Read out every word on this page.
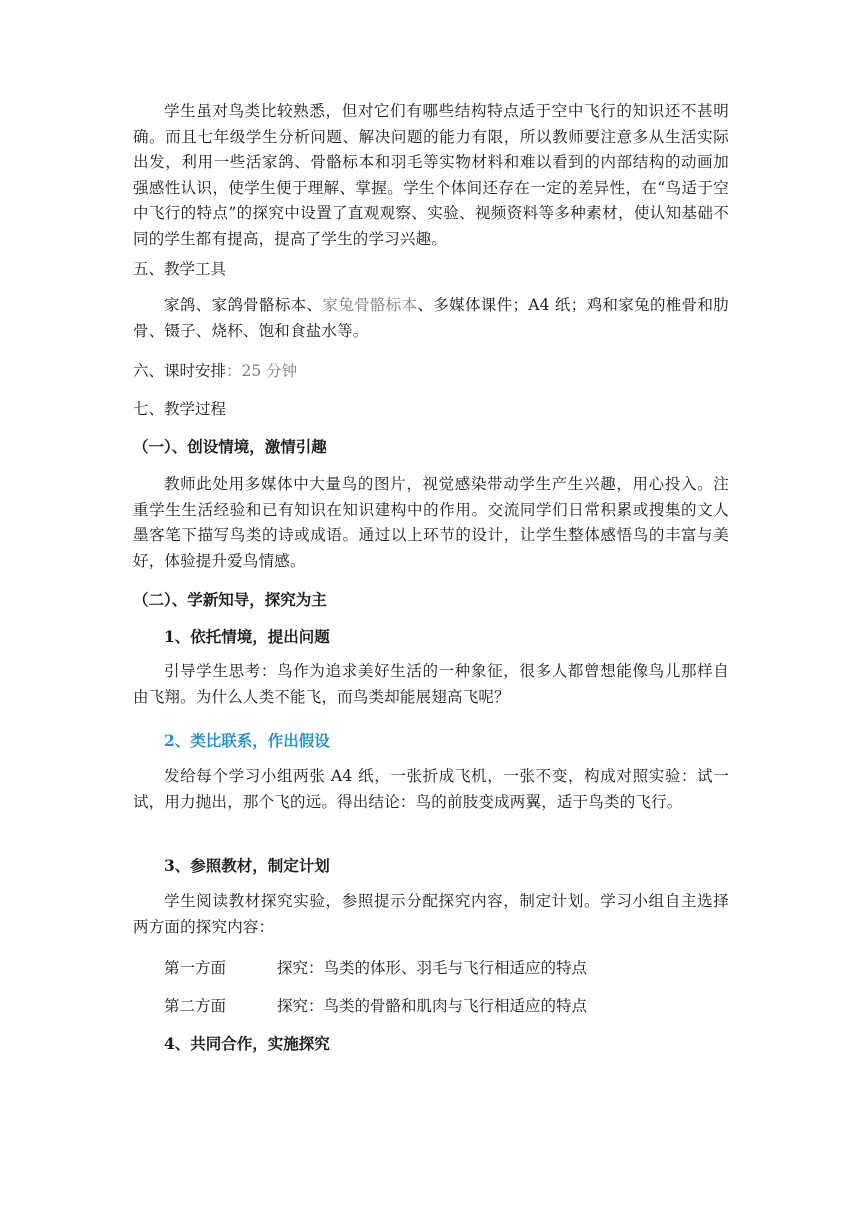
学生虽对鸟类比较熟悉，但对它们有哪些结构特点适于空中飞行的知识还不甚明确。而且七年级学生分析问题、解决问题的能力有限，所以教师要注意多从生活实际出发，利用一些活家鸽、骨骼标本和羽毛等实物材料和难以看到的内部结构的动画加强感性认识，使学生便于理解、掌握。学生个体间还存在一定的差异性，在“鸟适于空中飞行的特点”的探究中设置了直观观察、实验、视频资料等多种素材，使认知基础不同的学生都有提高，提高了学生的学习兴趣。

五、教学工具

家鸽、家鸽骨骼标本、家兔骨骼标本、多媒体课件；A4 纸；鸡和家兔的椎骨和肋骨、镊子、烧杯、饱和食盐水等。

六、课时安排：25 分钟

七、教学过程

（一）、创设情境，激情引趣

教师此处用多媒体中大量鸟的图片，视觉感染带动学生产生兴趣，用心投入。注重学生生活经验和已有知识在知识建构中的作用。交流同学们日常积累或搜集的文人墨客笔下描写鸟类的诗或成语。通过以上环节的设计，让学生整体感悟鸟的丰富与美好，体验提升爱鸟情感。

（二）、学新知导，探究为主

1、依托情境，提出问题

引导学生思考：鸟作为追求美好生活的一种象征，很多人都曾想能像鸟儿那样自由飞翔。为什么人类不能飞，而鸟类却能展翅高飞呢？

2、类比联系，作出假设

发给每个学习小组两张 A4 纸，一张折成飞机，一张不变，构成对照实验：试一试，用力抛出，那个飞的远。得出结论：鸟的前肢变成两翼，适于鸟类的飞行。

3、参照教材，制定计划

学生阅读教材探究实验，参照提示分配探究内容，制定计划。学习小组自主选择两方面的探究内容：

第一方面	探究：鸟类的体形、羽毛与飞行相适应的特点

第二方面	探究：鸟类的骨骼和肌肉与飞行相适应的特点

4、共同合作，实施探究
